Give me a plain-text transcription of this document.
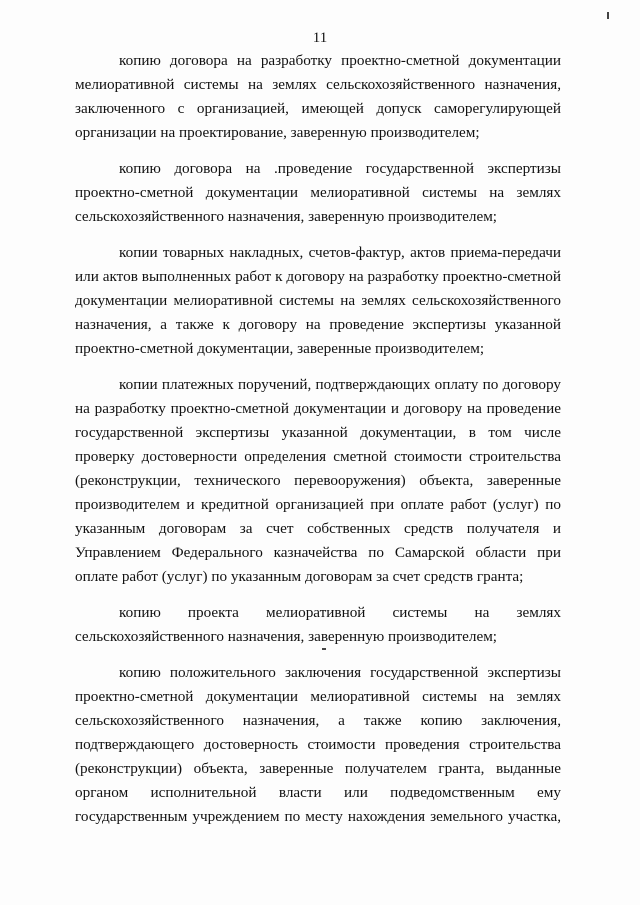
11
копию договора на разработку проектно-сметной документации
мелиоративной системы на землях сельскохозяйственного назначения,
заключенного с организацией, имеющей допуск саморегулирующей
организации на проектирование, заверенную производителем;
копию договора на .проведение государственной экспертизы
проектно-сметной документации мелиоративной системы на землях
сельскохозяйственного назначения, заверенную производителем;
копии товарных накладных, счетов-фактур, актов приема-передачи
или актов выполненных работ к договору на разработку проектно-сметной
документации мелиоративной системы на землях сельскохозяйственного
назначения, а также к договору на проведение экспертизы указанной
проектно-сметной документации, заверенные производителем;
копии платежных поручений, подтверждающих оплату по договору
на разработку проектно-сметной документации и договору на проведение
государственной экспертизы указанной документации, в том числе
проверку достоверности определения сметной стоимости строительства
(реконструкции, технического перевооружения) объекта, заверенные
производителем и кредитной организацией при оплате работ (услуг) по
указанным договорам за счет собственных средств получателя и
Управлением Федерального казначейства по Самарской области при
оплате работ (услуг) по указанным договорам за счет средств гранта;
копию проекта мелиоративной системы на землях
сельскохозяйственного назначения, заверенную производителем;
копию положительного заключения государственной экспертизы
проектно-сметной документации мелиоративной системы на землях
сельскохозяйственного назначения, а также копию заключения,
подтверждающего достоверность стоимости проведения строительства
(реконструкции) объекта, заверенные получателем гранта, выданные
органом исполнительной власти или подведомственным ему
государственным учреждением по месту нахождения земельного участка,
